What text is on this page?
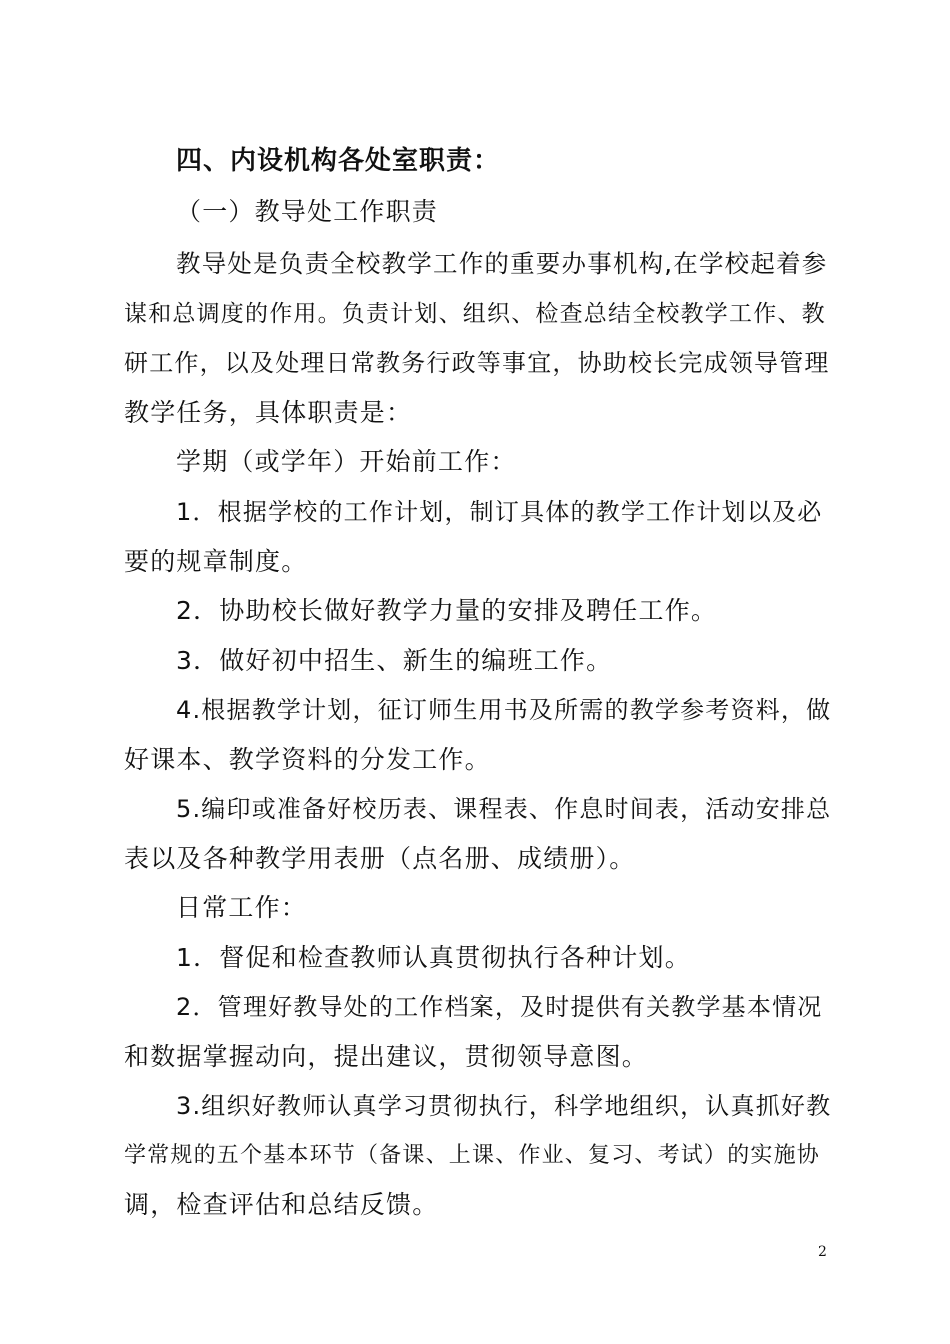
四、内设机构各处室职责：
（一）教导处工作职责
教导处是负责全校教学工作的重要办事机构,在学校起着参
谋和总调度的作用。负责计划、组织、检查总结全校教学工作、教
研工作，以及处理日常教务行政等事宜，协助校长完成领导管理
教学任务，具体职责是：
学期（或学年）开始前工作：
1．根据学校的工作计划，制订具体的教学工作计划以及必
要的规章制度。
2．协助校长做好教学力量的安排及聘任工作。
3．做好初中招生、新生的编班工作。
4.根据教学计划，征订师生用书及所需的教学参考资料，做
好课本、教学资料的分发工作。
5.编印或准备好校历表、课程表、作息时间表，活动安排总
表以及各种教学用表册（点名册、成绩册）。
日常工作：
1．督促和检查教师认真贯彻执行各种计划。
2．管理好教导处的工作档案，及时提供有关教学基本情况
和数据掌握动向，提出建议，贯彻领导意图。
3.组织好教师认真学习贯彻执行，科学地组织，认真抓好教
学常规的五个基本环节（备课、上课、作业、复习、考试）的实施协
调，检查评估和总结反馈。
2
